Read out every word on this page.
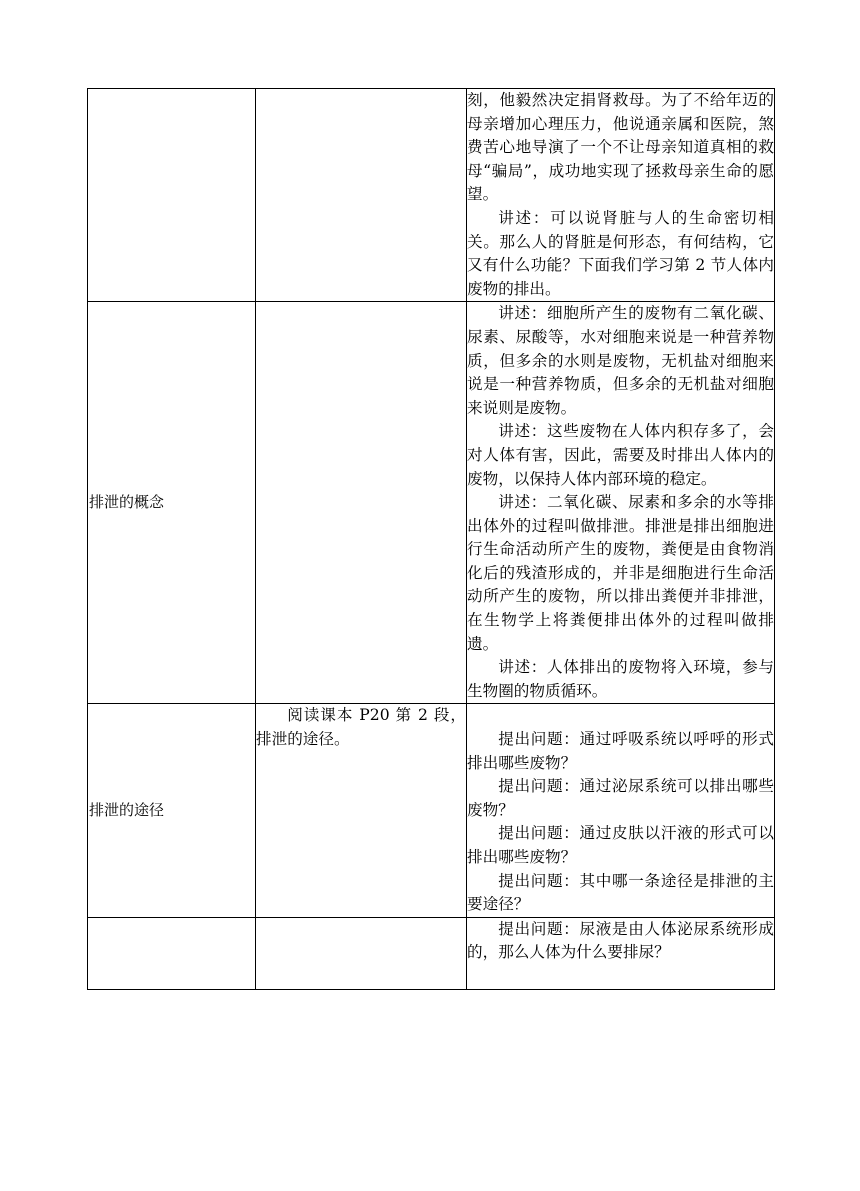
		刻，他毅然决定捐肾救母。为了不给年迈的母亲增加心理压力，他说通亲属和医院，煞费苦心地导演了一个不让母亲知道真相的救母“骗局”，成功地实现了拯救母亲生命的愿望。

讲述：可以说肾脏与人的生命密切相关。那么人的肾脏是何形态，有何结构，它又有什么功能？下面我们学习第 2 节人体内废物的排出。

排泄的概念		讲述：细胞所产生的废物有二氧化碳、尿素、尿酸等，水对细胞来说是一种营养物质，但多余的水则是废物，无机盐对细胞来说是一种营养物质，但多余的无机盐对细胞来说则是废物。

讲述：这些废物在人体内积存多了，会对人体有害，因此，需要及时排出人体内的废物，以保持人体内部环境的稳定。

讲述：二氧化碳、尿素和多余的水等排出体外的过程叫做排泄。排泄是排出细胞进行生命活动所产生的废物，粪便是由食物消化后的残渣形成的，并非是细胞进行生命活动所产生的废物，所以排出粪便并非排泄，在生物学上将粪便排出体外的过程叫做排遗。

讲述：人体排出的废物将入环境，参与生物圈的物质循环。

排泄的途径	阅读课本 P20 第 2 段，排泄的途径。	提出问题：通过呼吸系统以呼呼的形式排出哪些废物？

提出问题：通过泌尿系统可以排出哪些废物？

提出问题：通过皮肤以汗液的形式可以排出哪些废物？

提出问题：其中哪一条途径是排泄的主要途径？

		提出问题：尿液是由人体泌尿系统形成的，那么人体为什么要排尿？
